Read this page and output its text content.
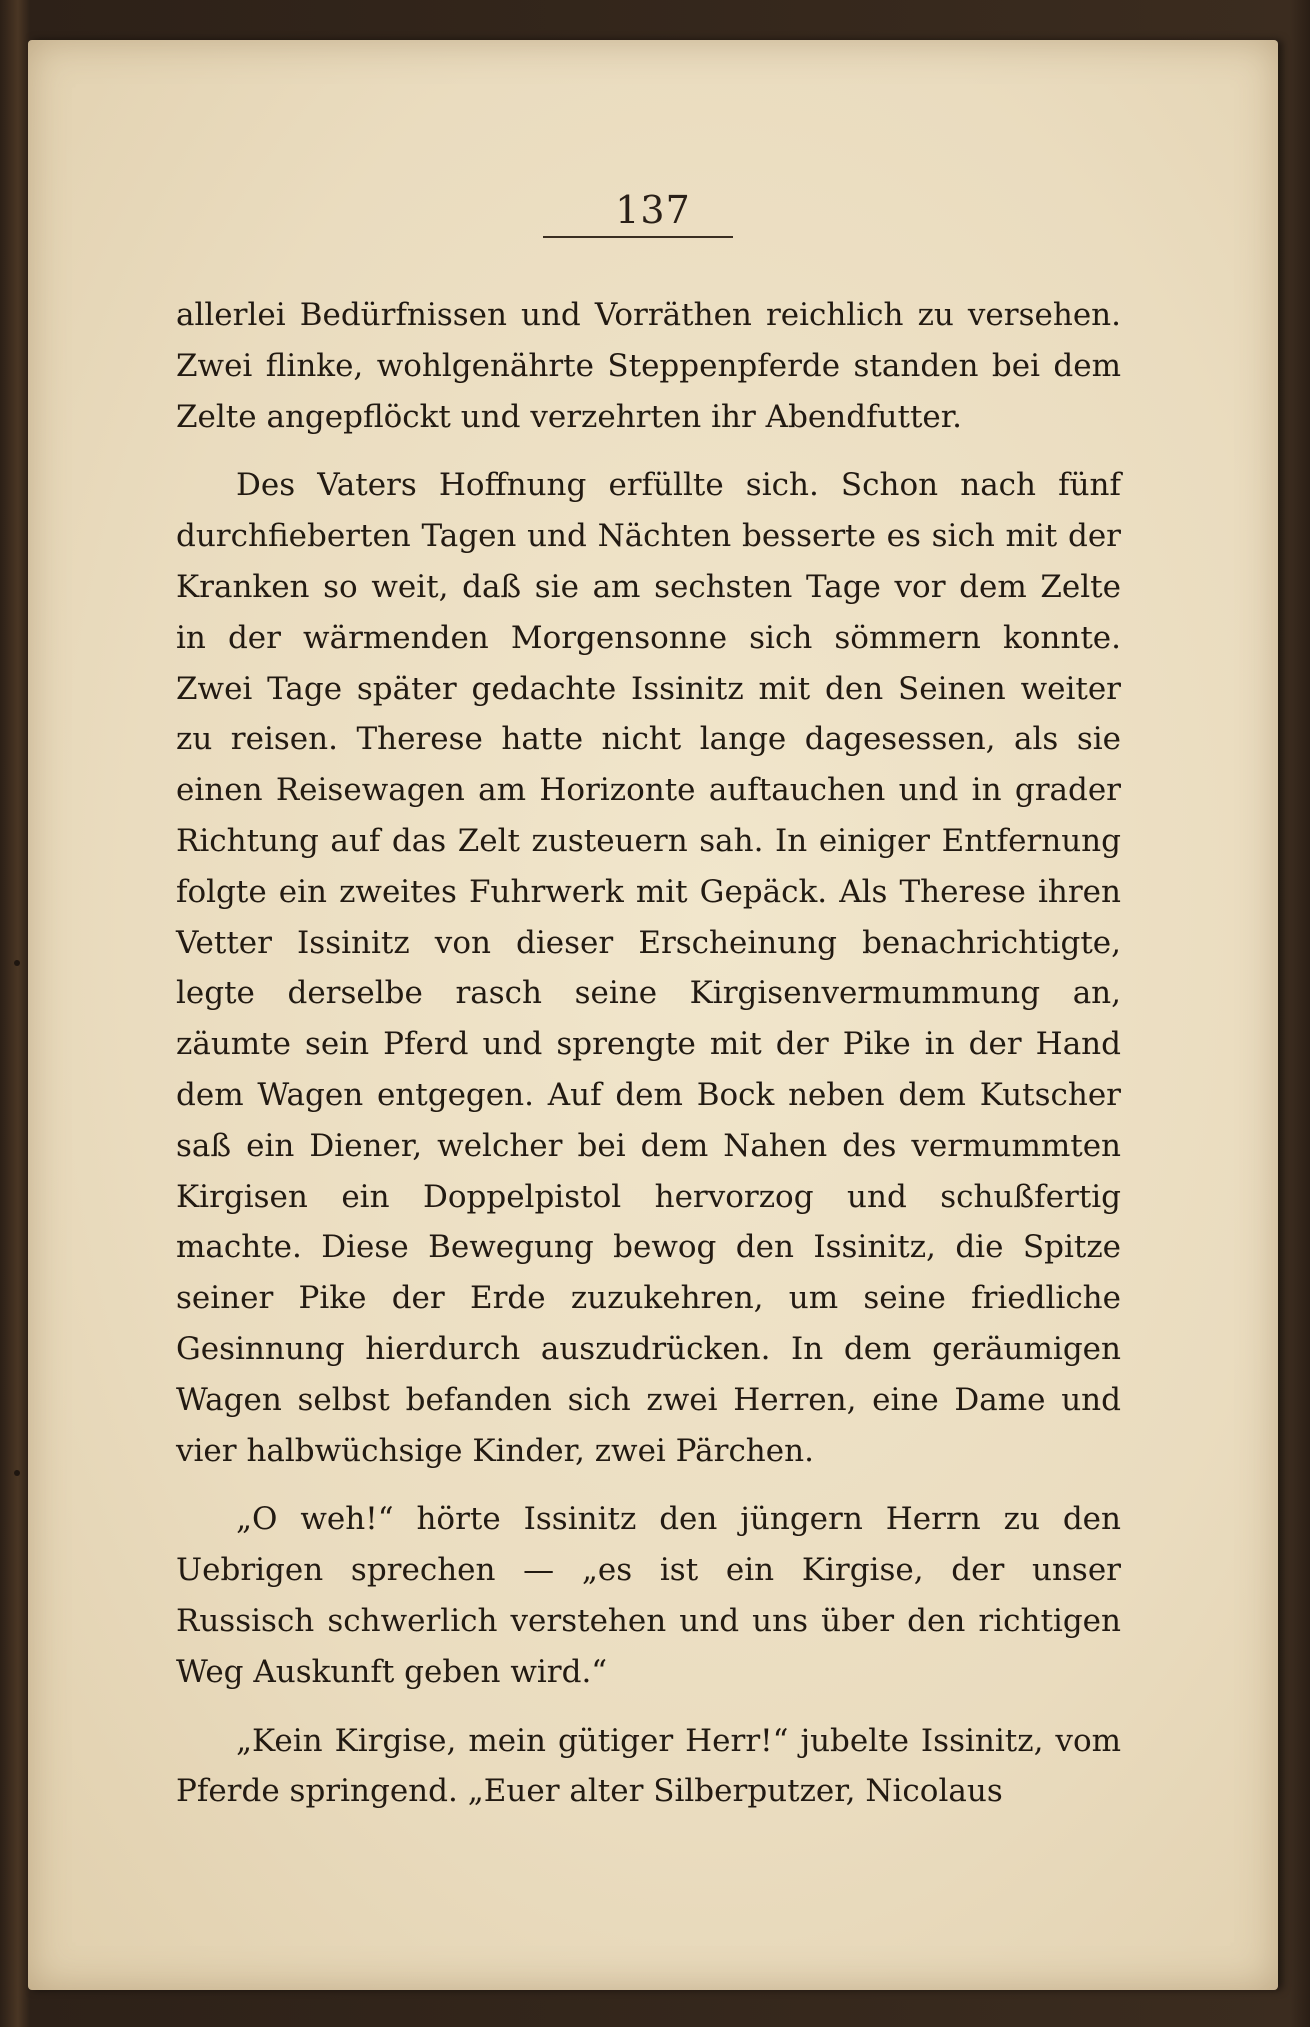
137

allerlei Bedürfnissen und Vorräthen reichlich zu versehen. Zwei flinke, wohlgenährte Steppenpferde standen bei dem Zelte angepflöckt und verzehrten ihr Abendfutter.

Des Vaters Hoffnung erfüllte sich. Schon nach fünf durchfieberten Tagen und Nächten besserte es sich mit der Kranken so weit, daß sie am sechsten Tage vor dem Zelte in der wärmenden Morgensonne sich sömmern konnte. Zwei Tage später gedachte Issinitz mit den Seinen weiter zu reisen. Therese hatte nicht lange dagesessen, als sie einen Reisewagen am Horizonte auftauchen und in grader Richtung auf das Zelt zusteuern sah. In einiger Entfernung folgte ein zweites Fuhrwerk mit Gepäck. Als Therese ihren Vetter Issinitz von dieser Erscheinung benachrichtigte, legte derselbe rasch seine Kirgisenvermummung an, zäumte sein Pferd und sprengte mit der Pike in der Hand dem Wagen entgegen. Auf dem Bock neben dem Kutscher saß ein Diener, welcher bei dem Nahen des vermummten Kirgisen ein Doppelpistol hervorzog und schußfertig machte. Diese Bewegung bewog den Issinitz, die Spitze seiner Pike der Erde zuzukehren, um seine friedliche Gesinnung hierdurch auszudrücken. In dem geräumigen Wagen selbst befanden sich zwei Herren, eine Dame und vier halbwüchsige Kinder, zwei Pärchen.

„O weh!“ hörte Issinitz den jüngern Herrn zu den Uebrigen sprechen — „es ist ein Kirgise, der unser Russisch schwerlich verstehen und uns über den richtigen Weg Auskunft geben wird.“

„Kein Kirgise, mein gütiger Herr!“ jubelte Issinitz, vom Pferde springend. „Euer alter Silberputzer, Nicolaus
